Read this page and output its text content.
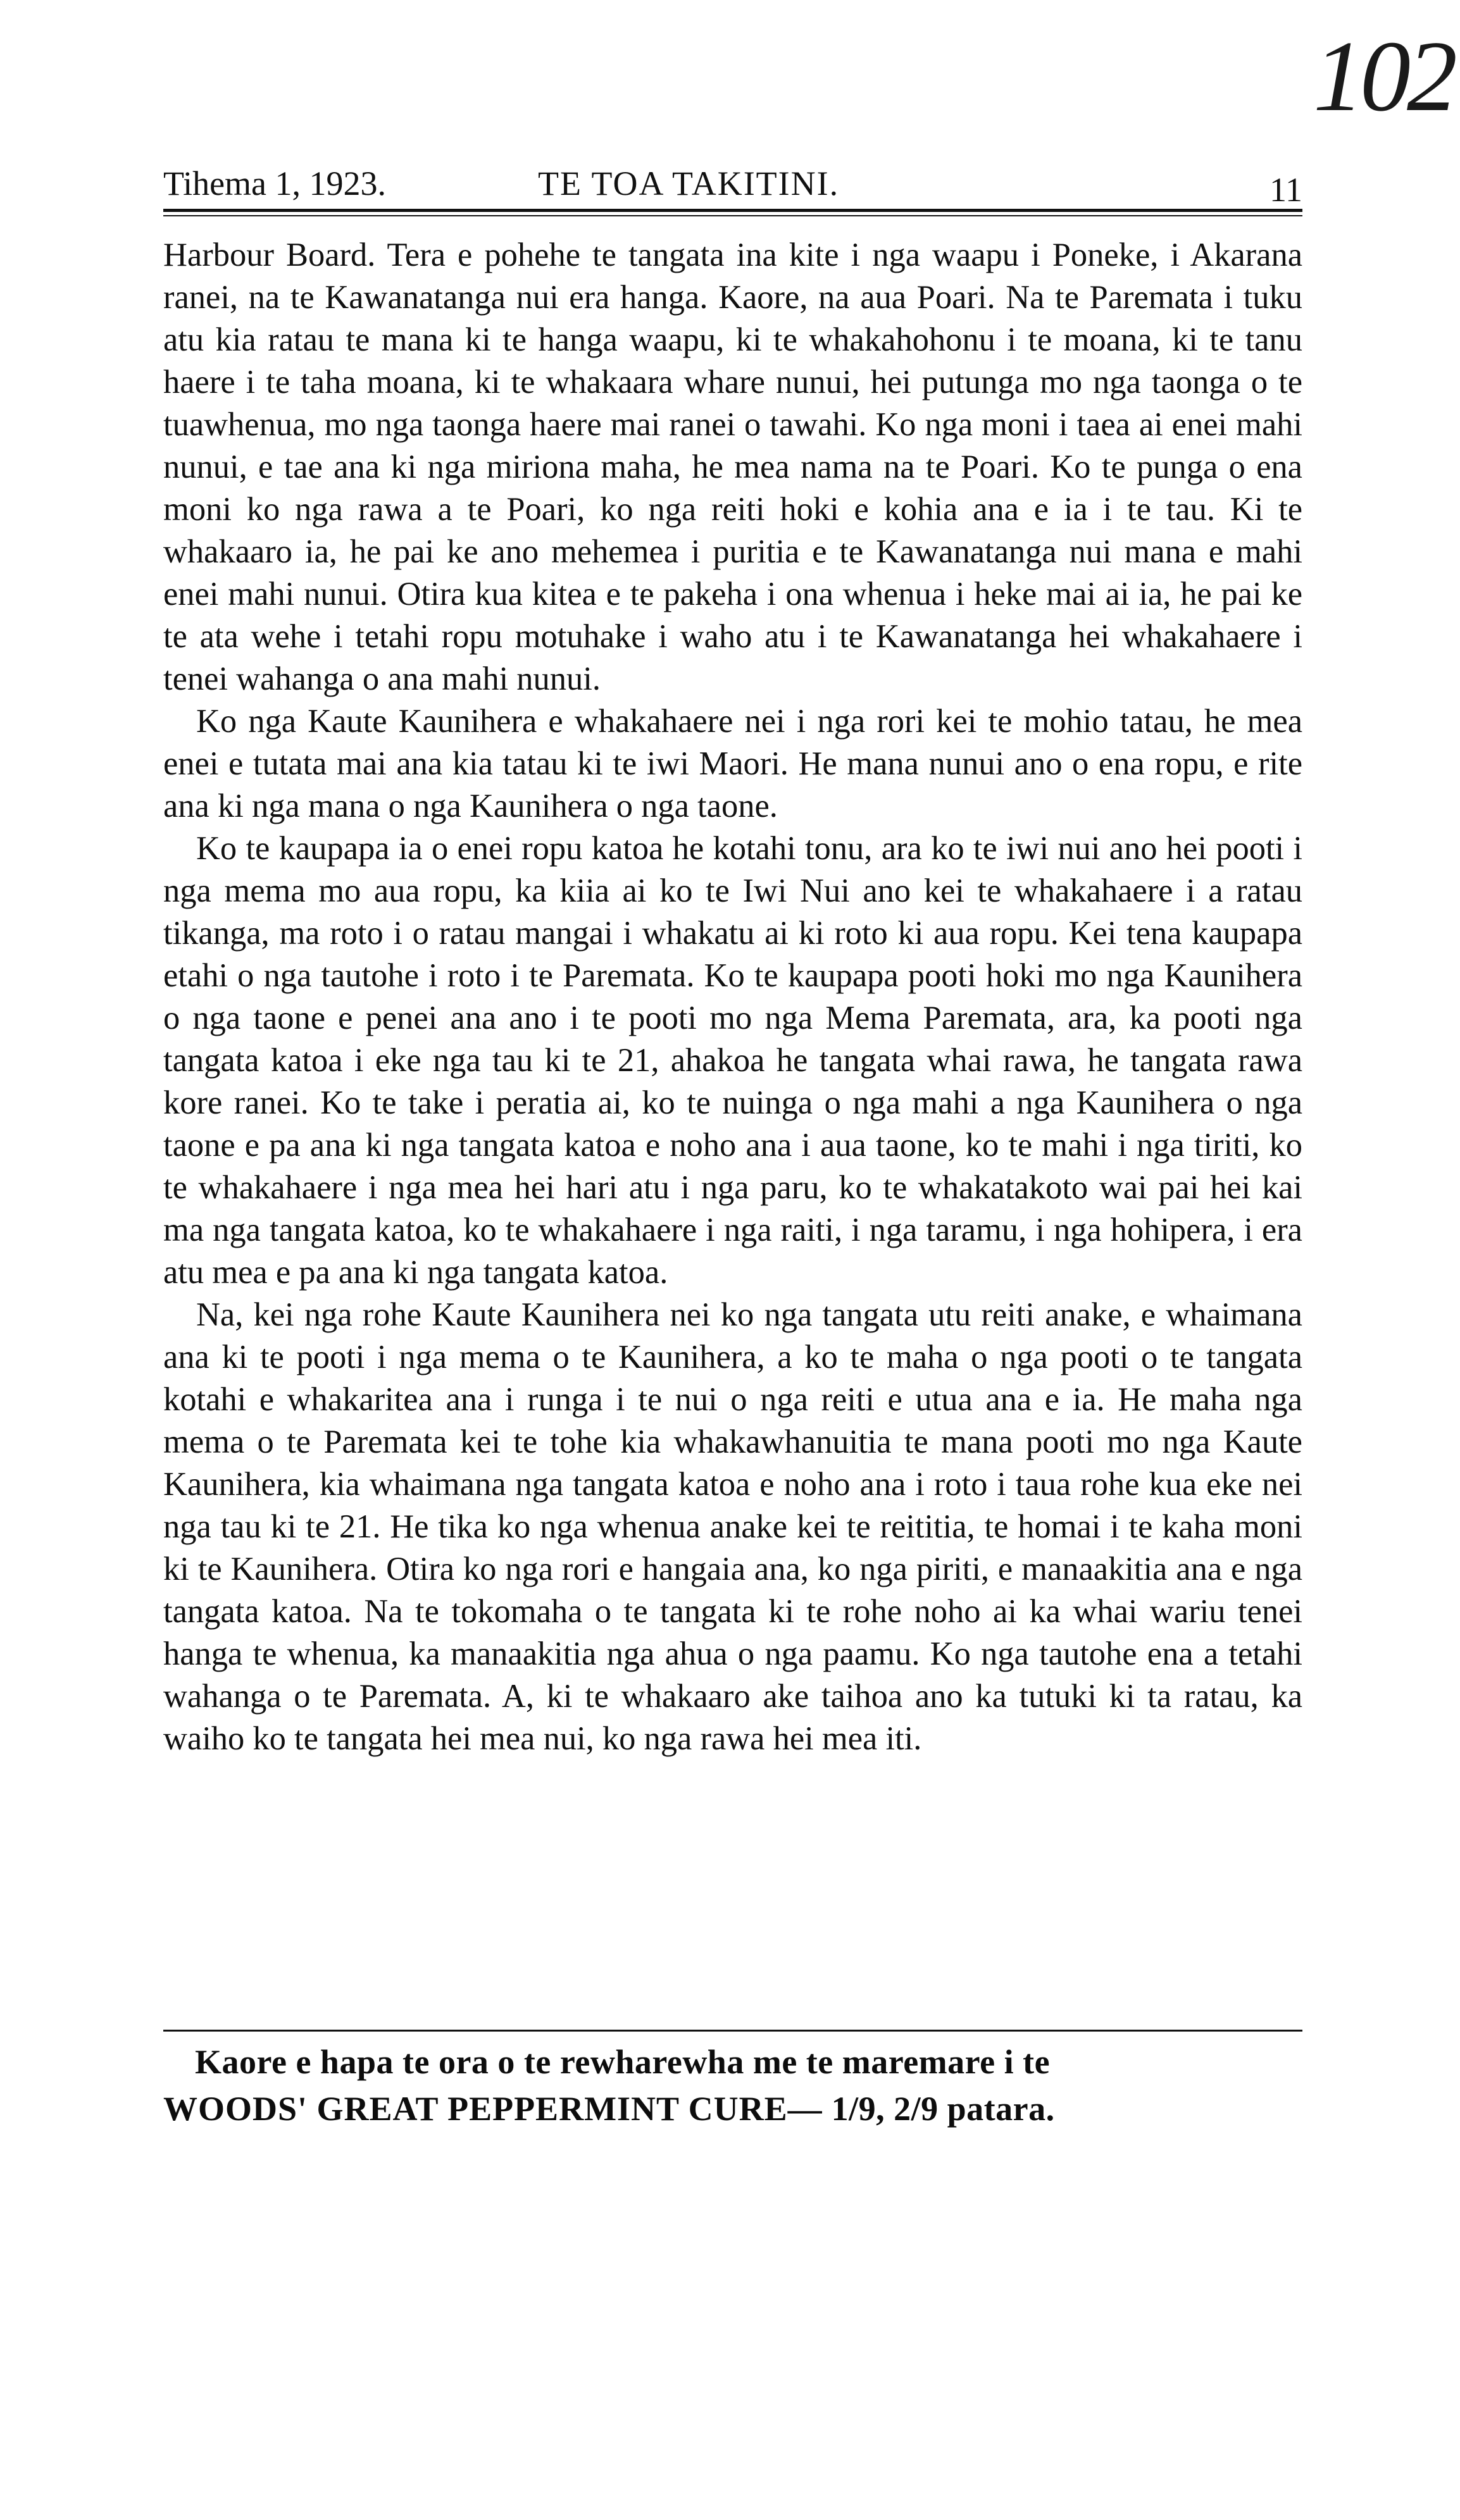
102
Tihema 1, 1923.	TE TOA TAKITINI.	11

Harbour Board. Tera e pohehe te tangata ina kite i nga waapu i Poneke, i Akarana ranei, na te Kawanatanga nui era hanga. Kaore, na aua Poari. Na te Paremata i tuku atu kia ratau te mana ki te hanga waapu, ki te whakahohonu i te moana, ki te tanu haere i te taha moana, ki te whakaara whare nunui, hei putunga mo nga taonga o te tuawhenua, mo nga taonga haere mai ranei o tawahi. Ko nga moni i taea ai enei mahi nunui, e tae ana ki nga miriona maha, he mea nama na te Poari. Ko te punga o ena moni ko nga rawa a te Poari, ko nga reiti hoki e kohia ana e ia i te tau. Ki te whakaaro ia, he pai ke ano mehemea i puritia e te Kawanatanga nui mana e mahi enei mahi nunui. Otira kua kitea e te pakeha i ona whenua i heke mai ai ia, he pai ke te ata wehe i tetahi ropu motuhake i waho atu i te Kawanatanga hei whakahaere i tenei wahanga o ana mahi nunui.

Ko nga Kaute Kaunihera e whakahaere nei i nga rori kei te mohio tatau, he mea enei e tutata mai ana kia tatau ki te iwi Maori. He mana nunui ano o ena ropu, e rite ana ki nga mana o nga Kaunihera o nga taone.

Ko te kaupapa ia o enei ropu katoa he kotahi tonu, ara ko te iwi nui ano hei pooti i nga mema mo aua ropu, ka kiia ai ko te Iwi Nui ano kei te whakahaere i a ratau tikanga, ma roto i o ratau mangai i whakatu ai ki roto ki aua ropu. Kei tena kaupapa etahi o nga tautohe i roto i te Paremata. Ko te kaupapa pooti hoki mo nga Kaunihera o nga taone e penei ana ano i te pooti mo nga Mema Paremata, ara, ka pooti nga tangata katoa i eke nga tau ki te 21, ahakoa he tangata whai rawa, he tangata rawa kore ranei. Ko te take i peratia ai, ko te nuinga o nga mahi a nga Kaunihera o nga taone e pa ana ki nga tangata katoa e noho ana i aua taone, ko te mahi i nga tiriti, ko te whakahaere i nga mea hei hari atu i nga paru, ko te whakatakoto wai pai hei kai ma nga tangata katoa, ko te whakahaere i nga raiti, i nga taramu, i nga hohipera, i era atu mea e pa ana ki nga tangata katoa.

Na, kei nga rohe Kaute Kaunihera nei ko nga tangata utu reiti anake, e whaimana ana ki te pooti i nga mema o te Kaunihera, a ko te maha o nga pooti o te tangata kotahi e whakaritea ana i runga i te nui o nga reiti e utua ana e ia. He maha nga mema o te Paremata kei te tohe kia whakawhanuitia te mana pooti mo nga Kaute Kaunihera, kia whaimana nga tangata katoa e noho ana i roto i taua rohe kua eke nei nga tau ki te 21. He tika ko nga whenua anake kei te reititia, te homai i te kaha moni ki te Kaunihera. Otira ko nga rori e hangaia ana, ko nga piriti, e manaakitia ana e nga tangata katoa. Na te tokomaha o te tangata ki te rohe noho ai ka whai wariu tenei hanga te whenua, ka manaakitia nga ahua o nga paamu. Ko nga tautohe ena a tetahi wahanga o te Paremata. A, ki te whakaaro ake taihoa ano ka tutuki ki ta ratau, ka waiho ko te tangata hei mea nui, ko nga rawa hei mea iti.

Kaore e hapa te ora o te rewharewha me te maremare i te
WOODS' GREAT PEPPERMINT CURE— 1/9, 2/9 patara.
